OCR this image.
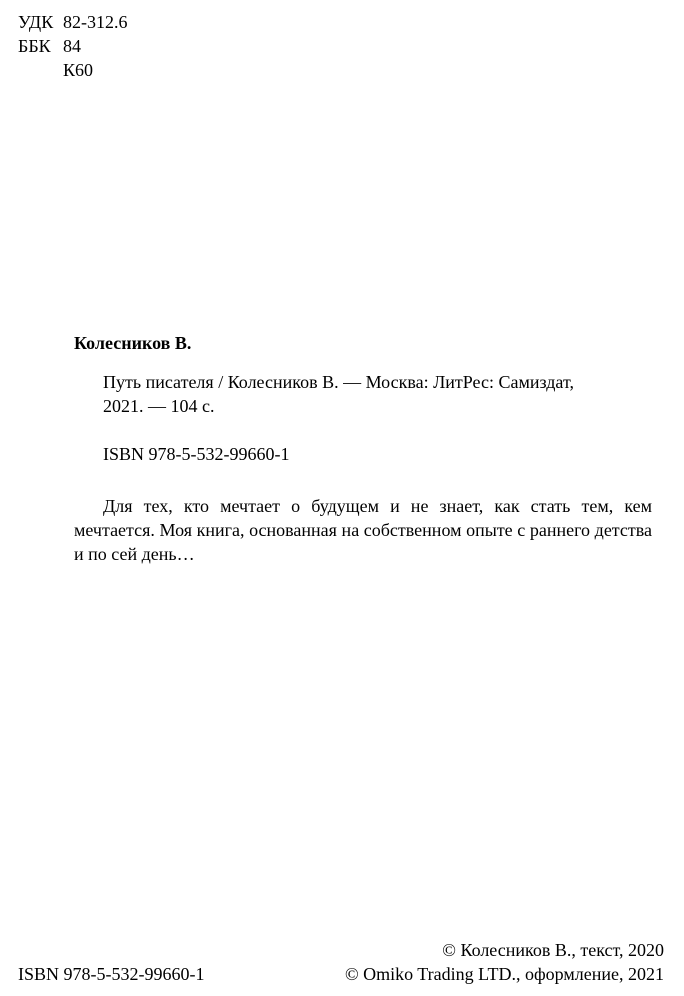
УДК 82-312.6
ББК 84
К60
Колесников В.
Путь писателя / Колесников В. — Москва: ЛитРес: Самиздат,
2021. — 104 с.
ISBN 978-5-532-99660-1
Для тех, кто мечтает о будущем и не знает, как стать тем, кем мечтается. Моя книга, основанная на собственном опыте с раннего детства и по сей день…
ISBN 978-5-532-99660-1
© Колесников В., текст, 2020
© Omiko Trading LTD., оформление, 2021
